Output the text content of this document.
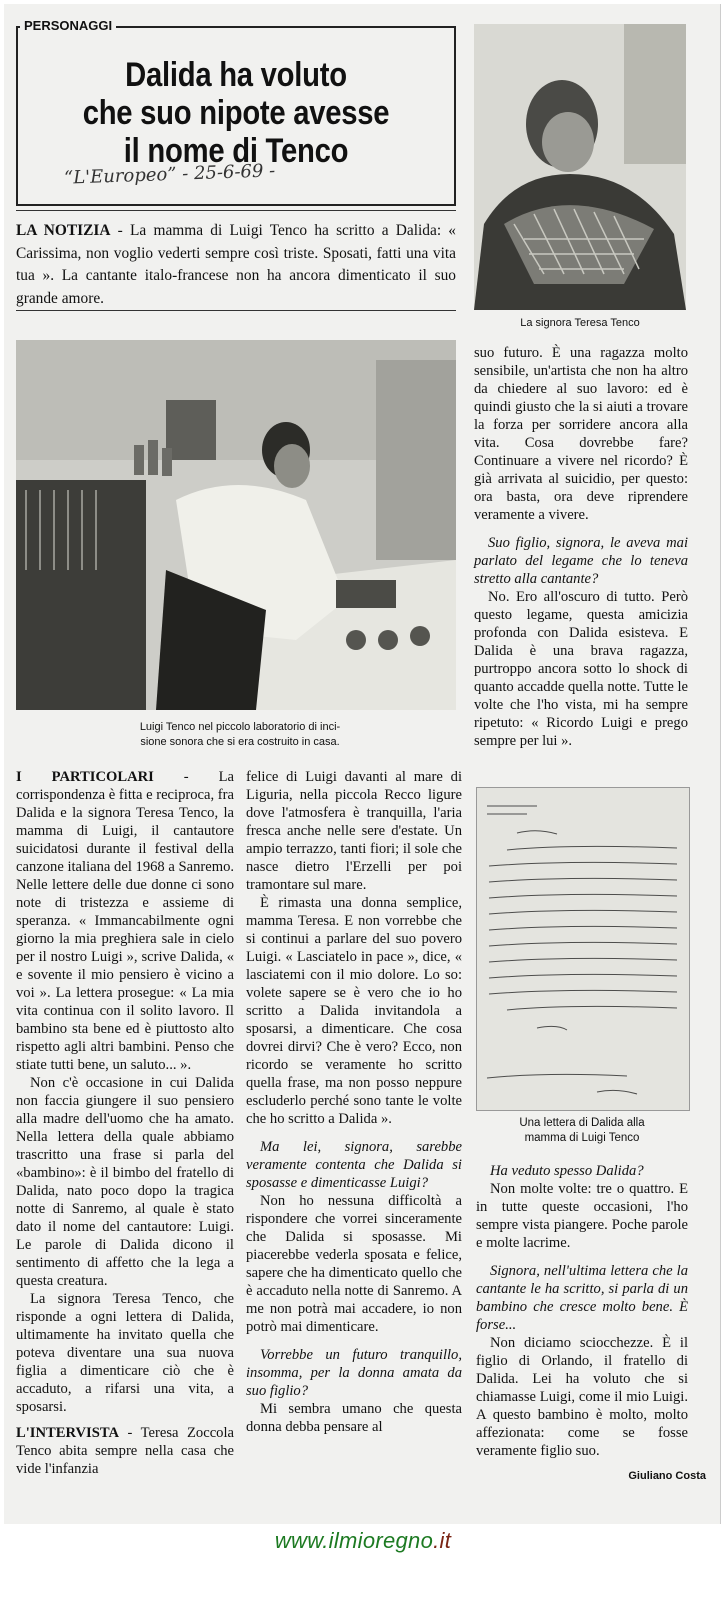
PERSONAGGI
Dalida ha voluto
che suo nipote avesse
il nome di Tenco
“L'Europeo” - 25-6-69 -
LA NOTIZIA - La mamma di Luigi Tenco ha scritto a Dalida: « Carissima, non voglio vederti sempre così triste. Sposati, fatti una vita tua ». La cantante italo-francese non ha ancora dimenticato il suo grande amore.
La signora Teresa Tenco
Luigi Tenco nel piccolo laboratorio di inci-
sione sonora che si era costruito in casa.

suo futuro. È una ragazza molto sensibile, un'artista che non ha altro da chiedere al suo lavoro: ed è quindi giusto che la si aiuti a trovare la forza per sorridere ancora alla vita. Cosa dovrebbe fare? Continuare a vivere nel ricordo? È già arrivata al suicidio, per questo: ora basta, ora deve riprendere veramente a vivere.

Suo figlio, signora, le aveva mai parlato del legame che lo teneva stretto alla cantante?

No. Ero all'oscuro di tutto. Però questo legame, questa amicizia profonda con Dalida esisteva. E Dalida è una brava ragazza, purtroppo ancora sotto lo shock di quanto accadde quella notte. Tutte le volte che l'ho vista, mi ha sempre ripetuto: « Ricordo Luigi e prego sempre per lui ».

I PARTICOLARI - La corrispondenza è fitta e reciproca, fra Dalida e la signora Teresa Tenco, la mamma di Luigi, il cantautore suicidatosi durante il festival della canzone italiana del 1968 a Sanremo. Nelle lettere delle due donne ci sono note di tristezza e assieme di speranza. « Immancabilmente ogni giorno la mia preghiera sale in cielo per il nostro Luigi », scrive Dalida, « e sovente il mio pensiero è vicino a voi ». La lettera prosegue: « La mia vita continua con il solito lavoro. Il bambino sta bene ed è piuttosto alto rispetto agli altri bambini. Penso che stiate tutti bene, un saluto... ».

Non c'è occasione in cui Dalida non faccia giungere il suo pensiero alla madre dell'uomo che ha amato. Nella lettera della quale abbiamo trascritto una frase si parla del «bambino»: è il bimbo del fratello di Dalida, nato poco dopo la tragica notte di Sanremo, al quale è stato dato il nome del cantautore: Luigi. Le parole di Dalida dicono il sentimento di affetto che la lega a questa creatura.

La signora Teresa Tenco, che risponde a ogni lettera di Dalida, ultimamente ha invitato quella che poteva diventare una sua nuova figlia a dimenticare ciò che è accaduto, a rifarsi una vita, a sposarsi.

L'INTERVISTA - Teresa Zoccola Tenco abita sempre nella casa che vide l'infanzia

felice di Luigi davanti al mare di Liguria, nella piccola Recco ligure dove l'atmosfera è tranquilla, l'aria fresca anche nelle sere d'estate. Un ampio terrazzo, tanti fiori; il sole che nasce dietro l'Erzelli per poi tramontare sul mare.

È rimasta una donna semplice, mamma Teresa. E non vorrebbe che si continui a parlare del suo povero Luigi. « Lasciatelo in pace », dice, « lasciatemi con il mio dolore. Lo so: volete sapere se è vero che io ho scritto a Dalida invitandola a sposarsi, a dimenticare. Che cosa dovrei dirvi? Che è vero? Ecco, non ricordo se veramente ho scritto quella frase, ma non posso neppure escluderlo perché sono tante le volte che ho scritto a Dalida ».

Ma lei, signora, sarebbe veramente contenta che Dalida si sposasse e dimenticasse Luigi?

Non ho nessuna difficoltà a rispondere che vorrei sinceramente che Dalida si sposasse. Mi piacerebbe vederla sposata e felice, sapere che ha dimenticato quello che è accaduto nella notte di Sanremo. A me non potrà mai accadere, io non potrò mai dimenticare.

Vorrebbe un futuro tranquillo, insomma, per la donna amata da suo figlio?

Mi sembra umano che questa donna debba pensare al

Una lettera di Dalida alla
mamma di Luigi Tenco

Ha veduto spesso Dalida?

Non molte volte: tre o quattro. E in tutte queste occasioni, l'ho sempre vista piangere. Poche parole e molte lacrime.

Signora, nell'ultima lettera che la cantante le ha scritto, si parla di un bambino che cresce molto bene. È forse...

Non diciamo sciocchezze. È il figlio di Orlando, il fratello di Dalida. Lei ha voluto che si chiamasse Luigi, come il mio Luigi. A questo bambino è molto, molto affezionata: come se fosse veramente figlio suo.

Giuliano Costa
www.ilmioregno.it
